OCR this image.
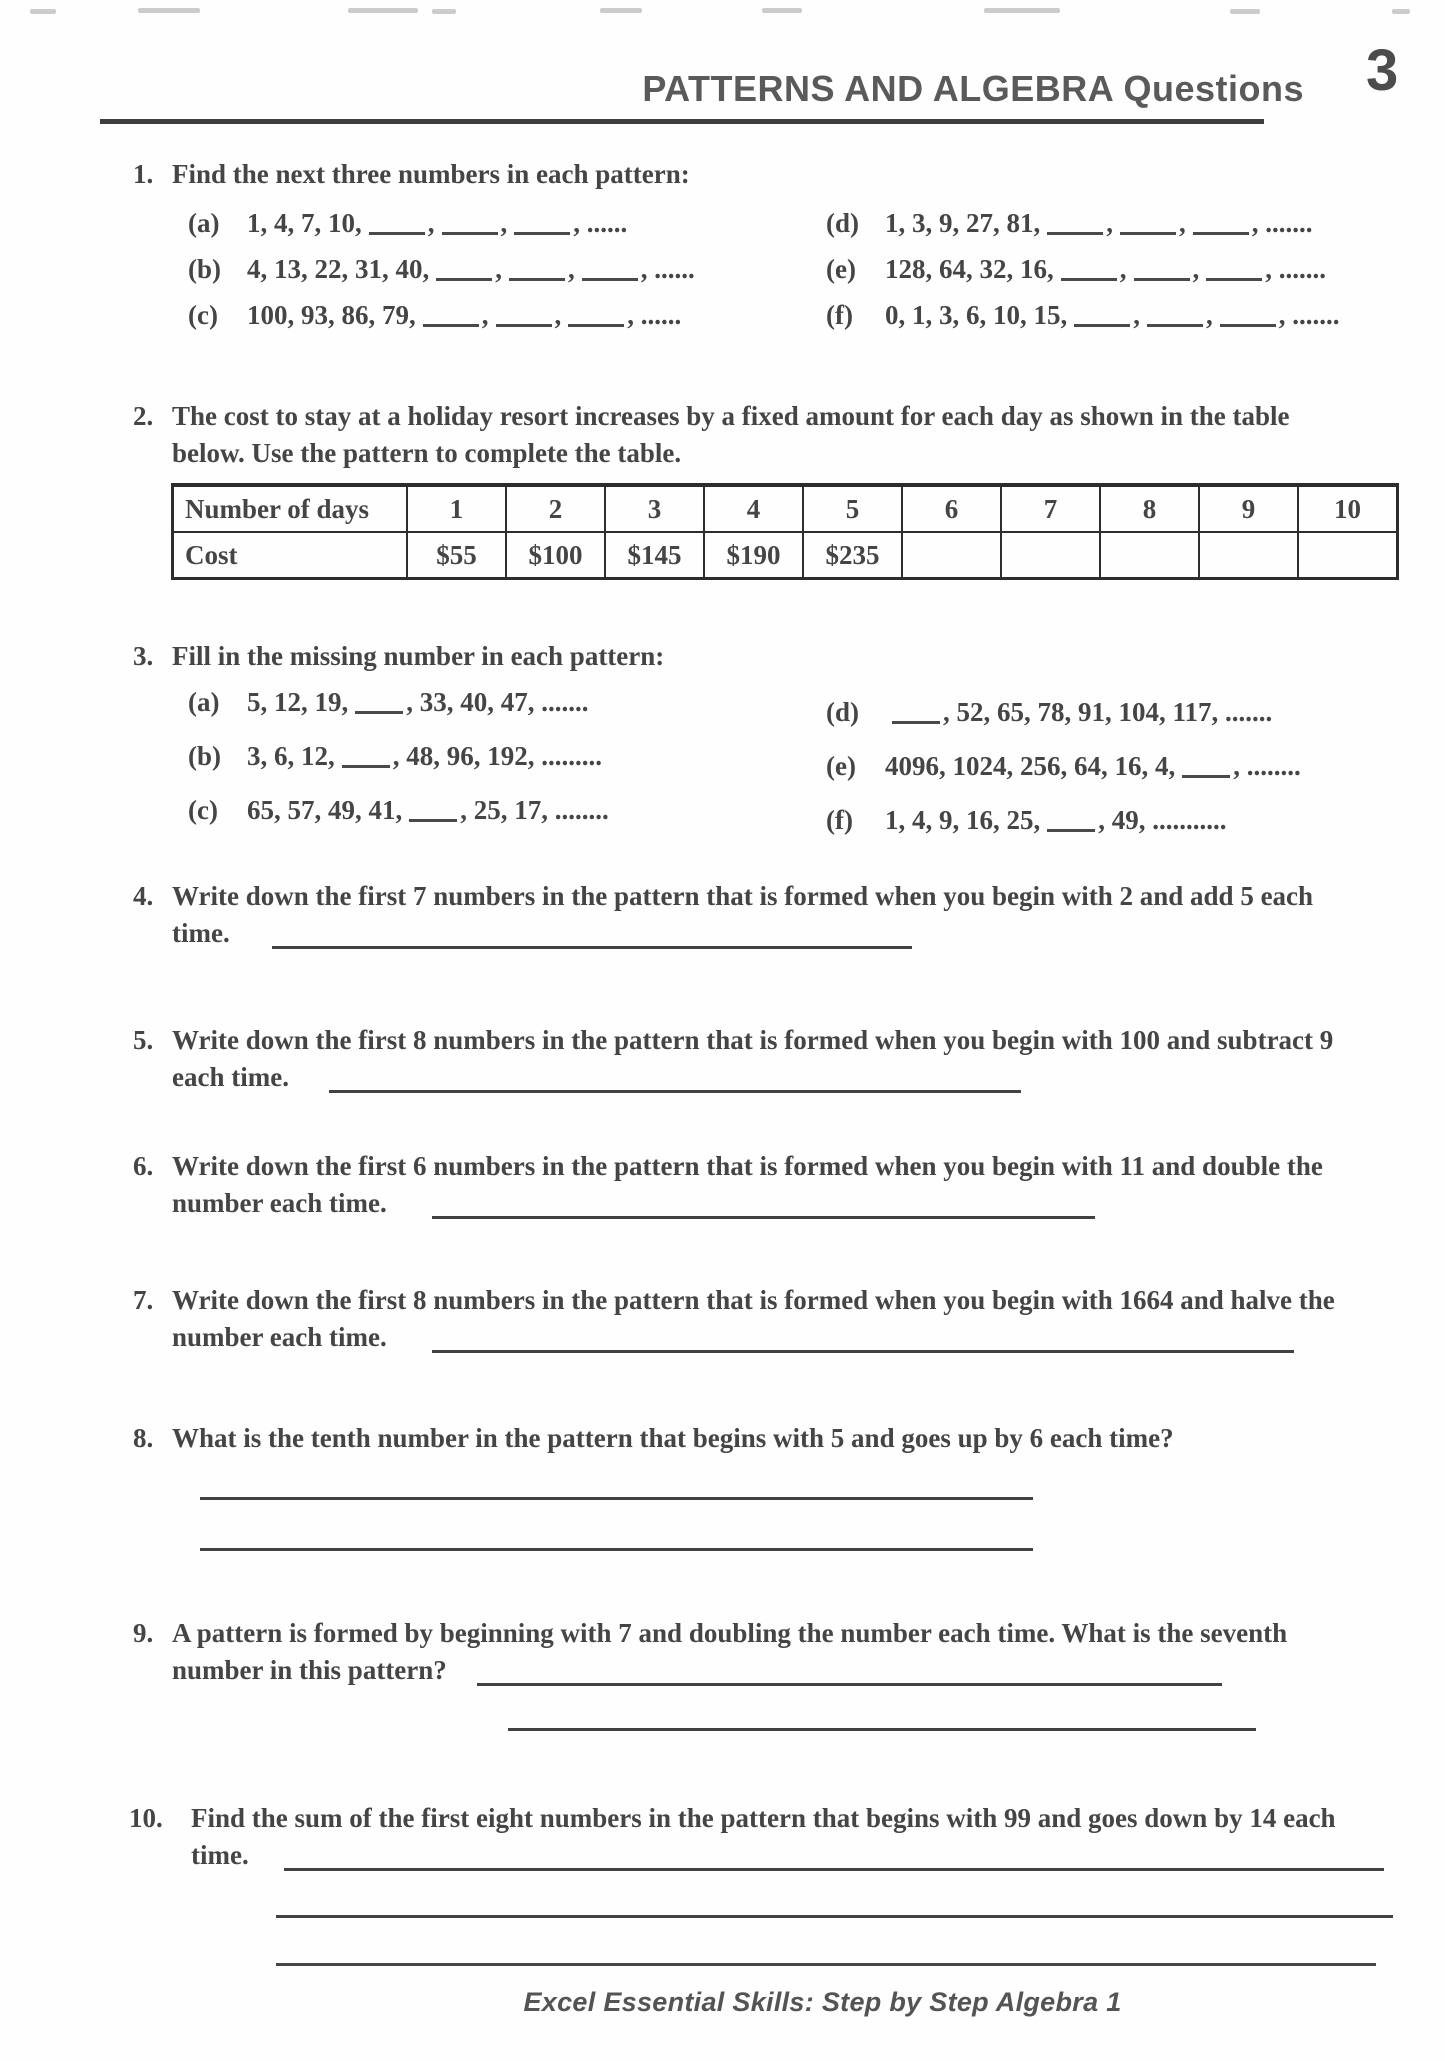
PATTERNS AND ALGEBRA Questions 3
1. Find the next three numbers in each pattern:
(a) 1, 4, 7, 10, , , , ......
(b) 4, 13, 22, 31, 40, , , , ......
(c) 100, 93, 86, 79, , , , ......
(d) 1, 3, 9, 27, 81, , , , .......
(e) 128, 64, 32, 16, , , , .......
(f) 0, 1, 3, 6, 10, 15, , , , .......
2. The cost to stay at a holiday resort increases by a fixed amount for each day as shown in the table
below. Use the pattern to complete the table.
Number of days	1	2	3	4	5	6	7	8	9	10
Cost	$55	$100	$145	$190	$235					
3. Fill in the missing number in each pattern:
(a) 5, 12, 19, , 33, 40, 47, .......
(b) 3, 6, 12, , 48, 96, 192, .........
(c) 65, 57, 49, 41, , 25, 17, ........
(d)	, 52, 65, 78, 91, 104, 117, .......
(e) 4096, 1024, 256, 64, 16, 4, , ........
(f) 1, 4, 9, 16, 25, , 49, ...........
4. Write down the first 7 numbers in the pattern that is formed when you begin with 2 and add 5 each
time.
5. Write down the first 8 numbers in the pattern that is formed when you begin with 100 and subtract 9
each time.
6. Write down the first 6 numbers in the pattern that is formed when you begin with 11 and double the
number each time.
7. Write down the first 8 numbers in the pattern that is formed when you begin with 1664 and halve the
number each time.
8. What is the tenth number in the pattern that begins with 5 and goes up by 6 each time?
9. A pattern is formed by beginning with 7 and doubling the number each time. What is the seventh
number in this pattern?
10. Find the sum of the first eight numbers in the pattern that begins with 99 and goes down by 14 each
time.
Excel Essential Skills: Step by Step Algebra 1
